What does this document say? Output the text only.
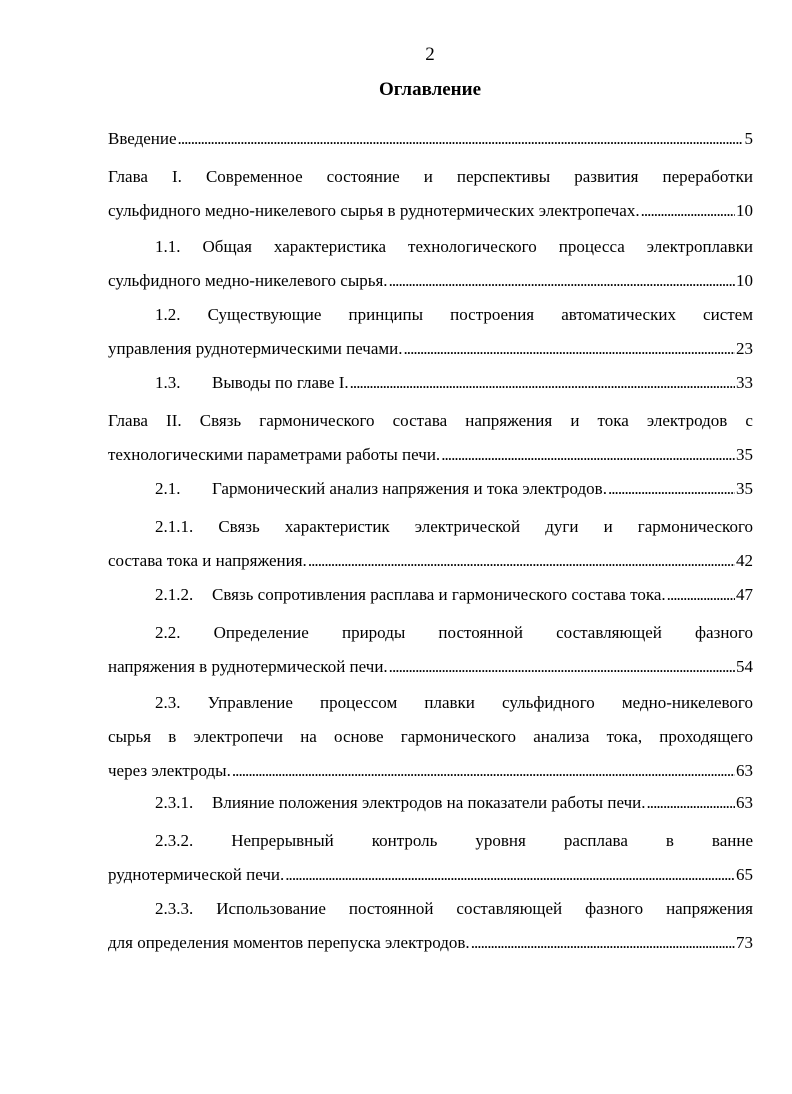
2
Оглавление
Введение . . .	5
Глава I. Современное состояние и перспективы развития переработки
сульфидного медно-никелевого сырья в руднотермических электропечах. . . .	10
1.1. Общая характеристика технологического процесса электроплавки
сульфидного медно-никелевого сырья. . . .	10
1.2. Существующие принципы построения автоматических систем
управления руднотермическими печами. . . .	23
1.3.	Выводы по главе I. . . .	33
Глава II. Связь гармонического состава напряжения и тока электродов с
технологическими параметрами работы печи. . . .	35
2.1.	Гармонический анализ напряжения и тока электродов. . . .	35
2.1.1. Связь характеристик электрической дуги и гармонического
состава тока и напряжения. . . .	42
2.1.2.	Связь сопротивления расплава и гармонического состава тока. . . .	47
2.2. Определение природы постоянной составляющей фазного
напряжения в руднотермической печи. . . .	54
2.3. Управление процессом плавки сульфидного медно-никелевого
сырья в электропечи на основе гармонического анализа тока, проходящего
через электроды. . . .	63
2.3.1.	Влияние положения электродов на показатели работы печи. . . .	63
2.3.2. Непрерывный контроль уровня расплава в ванне
руднотермической печи. . . .	65
2.3.3. Использование постоянной составляющей фазного напряжения
для определения моментов перепуска электродов. . . .	73
